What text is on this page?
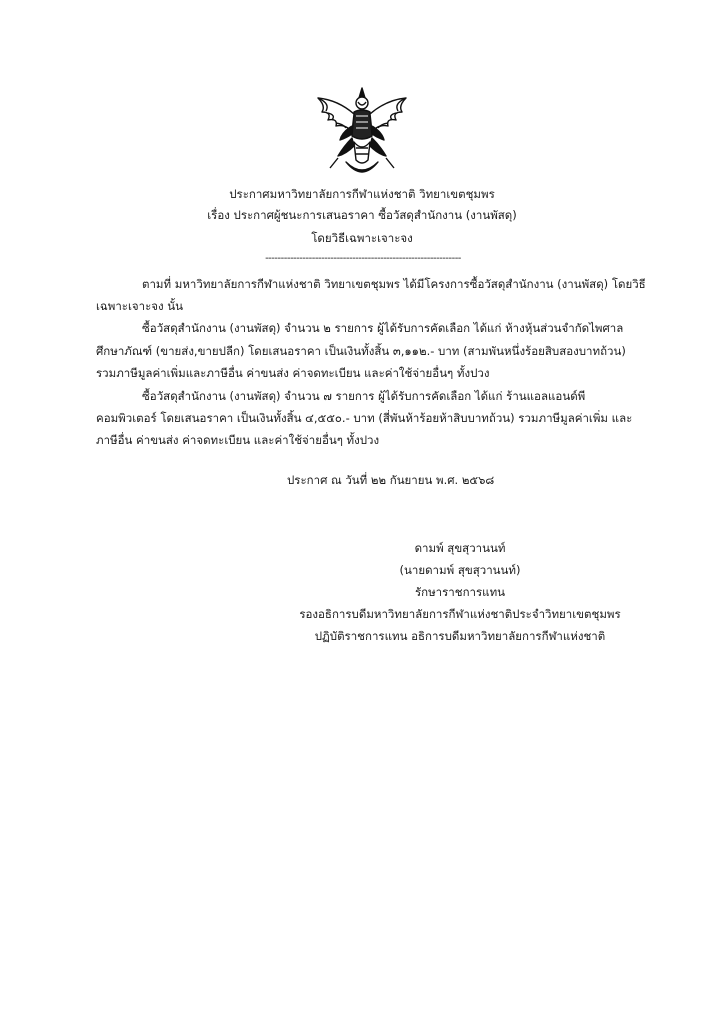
ประกาศมหาวิทยาลัยการกีฬาแห่งชาติ วิทยาเขตชุมพร
เรื่อง ประกาศผู้ชนะการเสนอราคา ซื้อวัสดุสำนักงาน (งานพัสดุ)
โดยวิธีเฉพาะเจาะจง
---------------------------------------------------------------
ตามที่ มหาวิทยาลัยการกีฬาแห่งชาติ วิทยาเขตชุมพร ได้มีโครงการซื้อวัสดุสำนักงาน (งานพัสดุ) โดยวิธี
เฉพาะเจาะจง นั้น
ซื้อวัสดุสำนักงาน (งานพัสดุ) จำนวน ๒ รายการ ผู้ได้รับการคัดเลือก ได้แก่ ห้างหุ้นส่วนจำกัดไพศาล
ศึกษาภัณฑ์ (ขายส่ง,ขายปลีก) โดยเสนอราคา เป็นเงินทั้งสิ้น ๓,๑๑๒.- บาท (สามพันหนึ่งร้อยสิบสองบาทถ้วน)
รวมภาษีมูลค่าเพิ่มและภาษีอื่น ค่าขนส่ง ค่าจดทะเบียน และค่าใช้จ่ายอื่นๆ ทั้งปวง
ซื้อวัสดุสำนักงาน (งานพัสดุ) จำนวน ๗ รายการ ผู้ได้รับการคัดเลือก ได้แก่ ร้านแอลแอนด์พี
คอมพิวเตอร์ โดยเสนอราคา เป็นเงินทั้งสิ้น ๔,๕๕๐.- บาท (สี่พันห้าร้อยห้าสิบบาทถ้วน) รวมภาษีมูลค่าเพิ่ม และ
ภาษีอื่น ค่าขนส่ง ค่าจดทะเบียน และค่าใช้จ่ายอื่นๆ ทั้งปวง
ประกาศ ณ วันที่ ๒๒ กันยายน พ.ศ. ๒๕๖๘
ดามพ์ สุขสุวานนท์
(นายดามพ์ สุขสุวานนท์)
รักษาราชการแทน
รองอธิการบดีมหาวิทยาลัยการกีฬาแห่งชาติประจำวิทยาเขตชุมพร
ปฏิบัติราชการแทน อธิการบดีมหาวิทยาลัยการกีฬาแห่งชาติ
